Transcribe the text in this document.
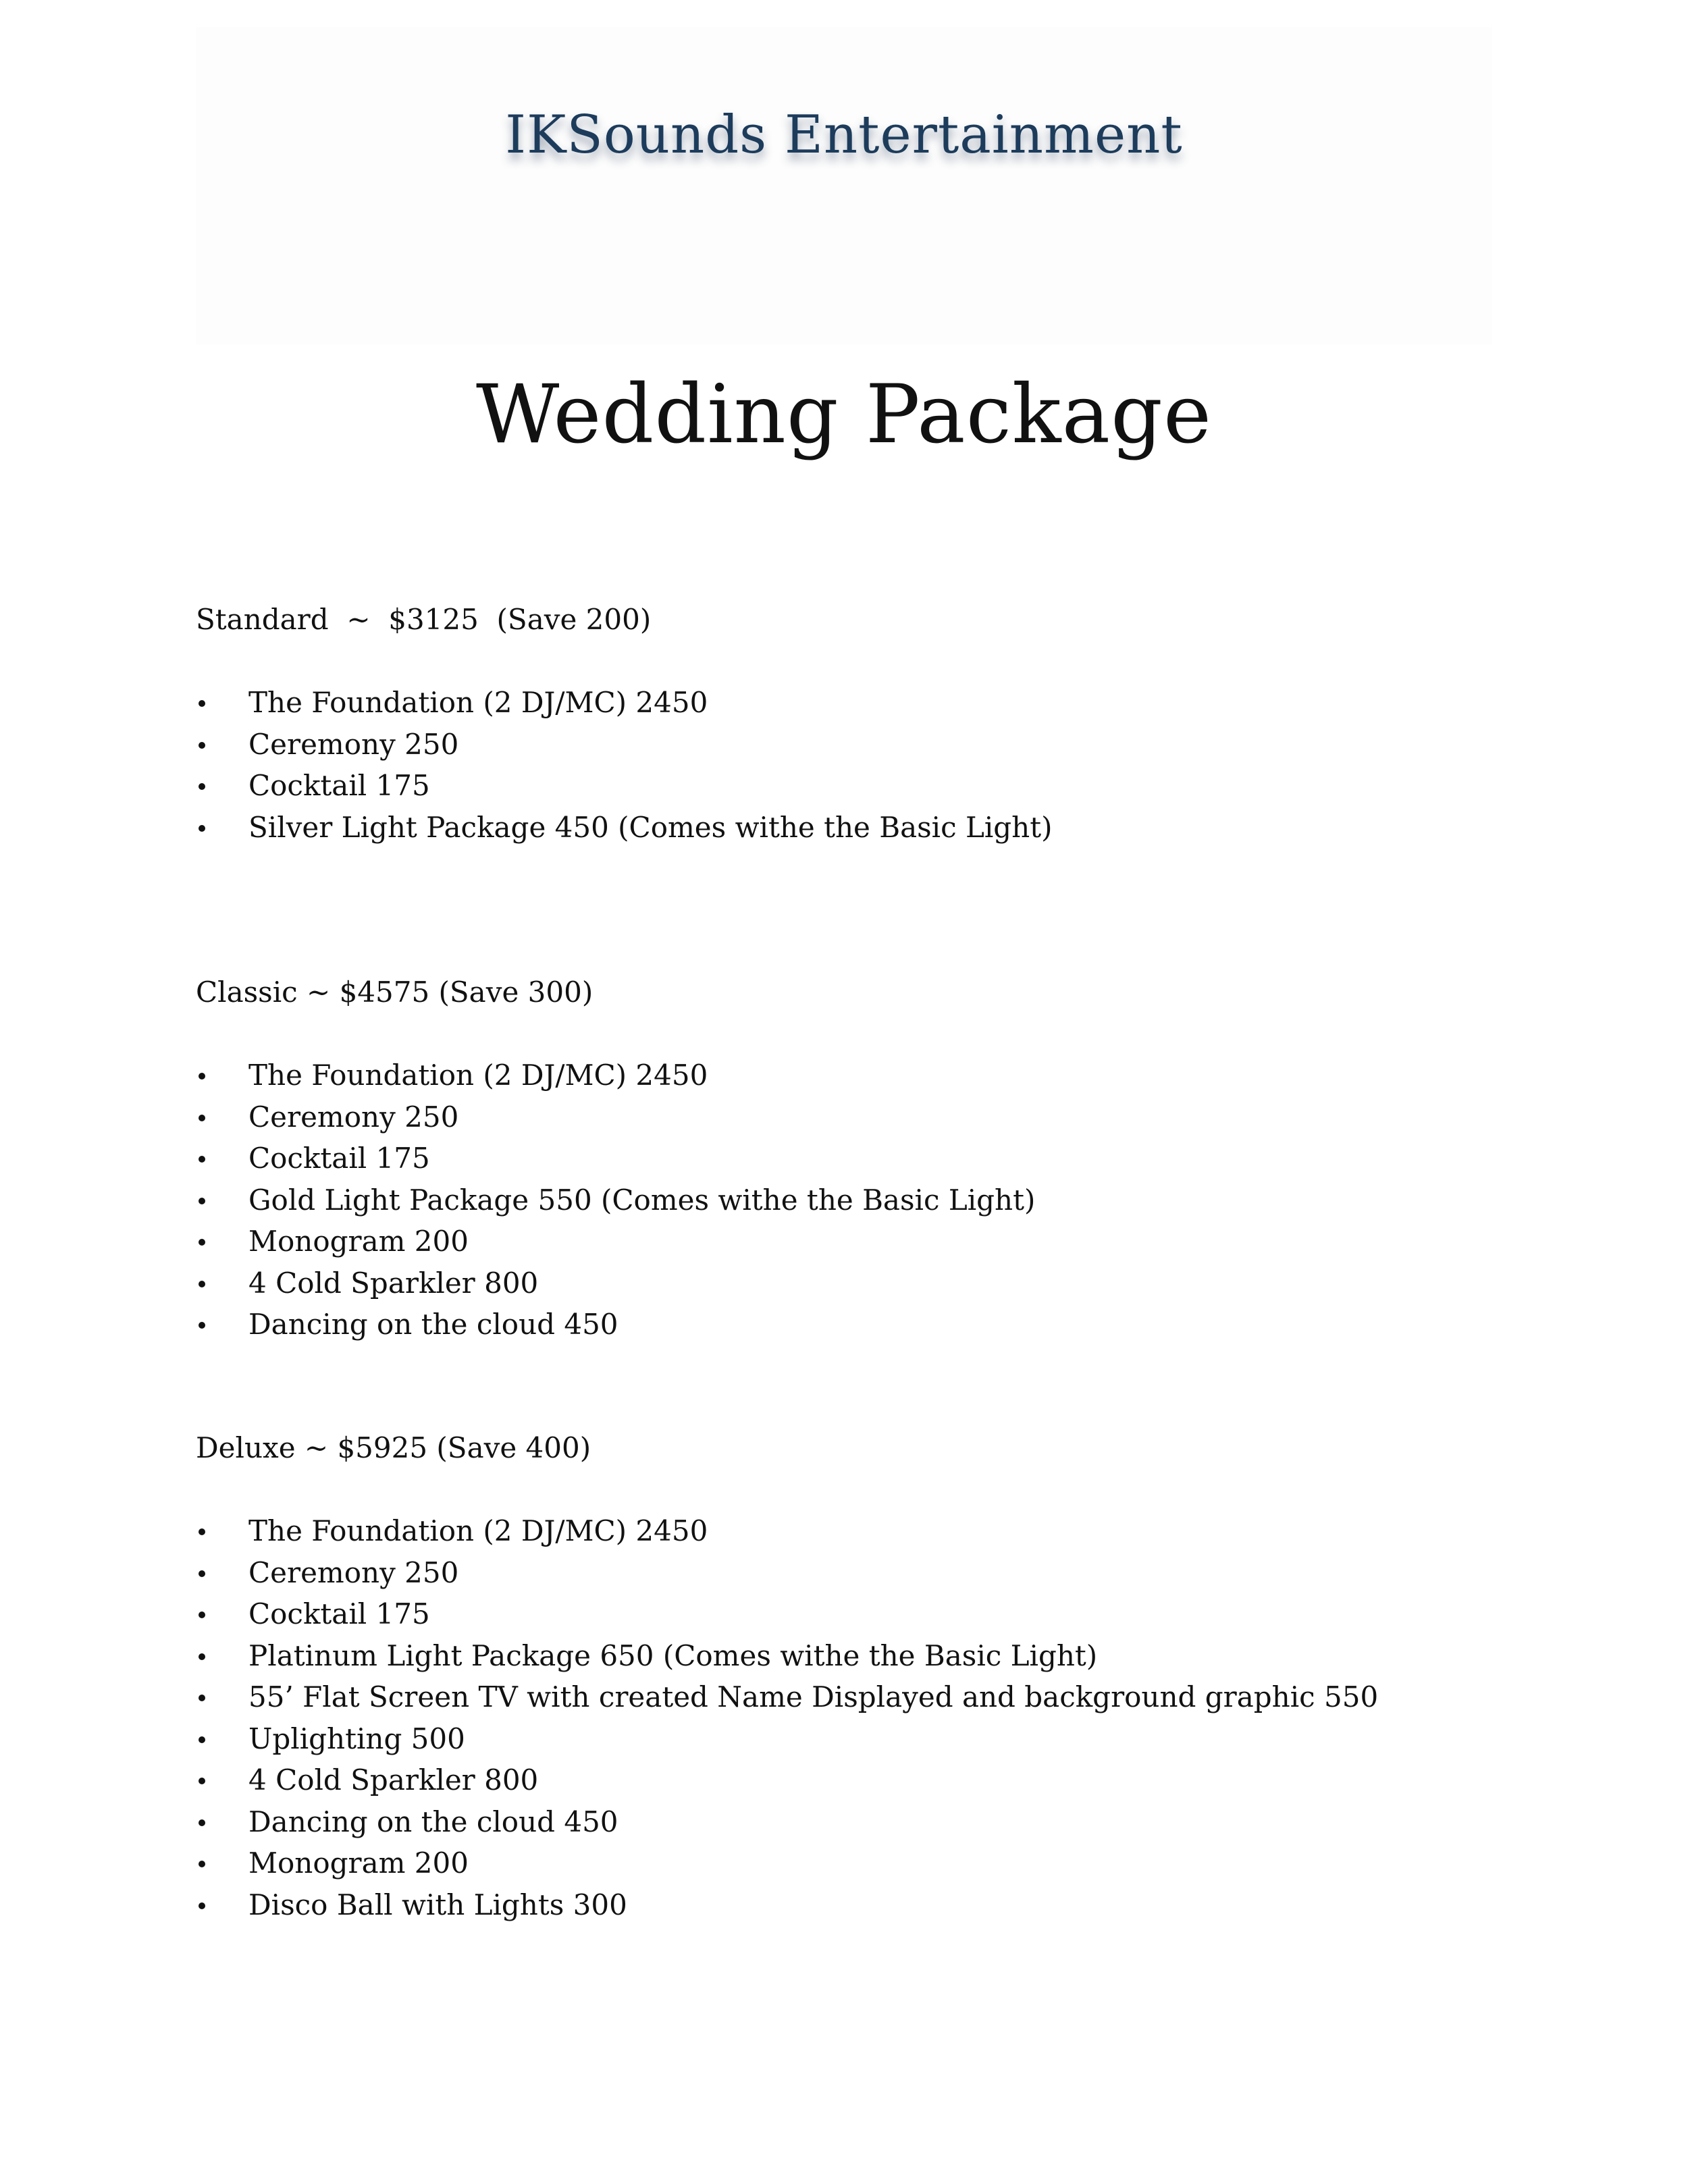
IKSounds Entertainment
Wedding Package

Standard  ~  $3125  (Save 200)

The Foundation (2 DJ/MC) 2450
Ceremony 250
Cocktail 175
Silver Light Package 450 (Comes withe the Basic Light)

Classic ~ $4575 (Save 300)

The Foundation (2 DJ/MC) 2450
Ceremony 250
Cocktail 175
Gold Light Package 550 (Comes withe the Basic Light)
Monogram 200
4 Cold Sparkler 800
Dancing on the cloud 450

Deluxe ~ $5925 (Save 400)

The Foundation (2 DJ/MC) 2450
Ceremony 250
Cocktail 175
Platinum Light Package 650 (Comes withe the Basic Light)
55’ Flat Screen TV with created Name Displayed and background graphic 550
Uplighting 500
4 Cold Sparkler 800
Dancing on the cloud 450
Monogram 200
Disco Ball with Lights 300
